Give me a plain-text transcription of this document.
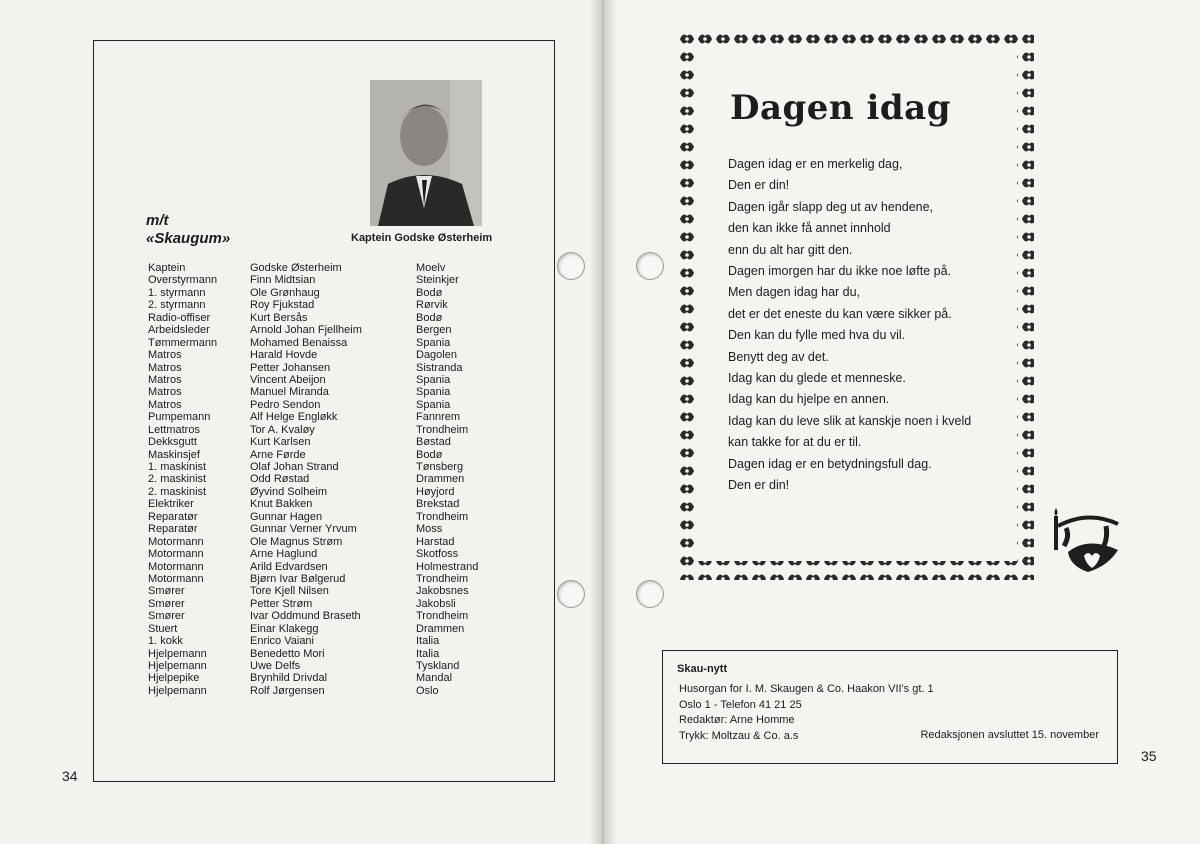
Kaptein Godske Østerheim
m/t
«Skaugum»
Kaptein	Godske Østerheim	Moelv
Overstyrmann	Finn Midtsian	Steinkjer
1. styrmann	Ole Grønhaug	Bodø
2. styrmann	Roy Fjukstad	Rørvik
Radio-offiser	Kurt Bersås	Bodø
Arbeidsleder	Arnold Johan Fjellheim	Bergen
Tømmermann	Mohamed Benaissa	Spania
Matros	Harald Hovde	Dagolen
Matros	Petter Johansen	Sistranda
Matros	Vincent Abeijon	Spania
Matros	Manuel Miranda	Spania
Matros	Pedro Sendon	Spania
Pumpemann	Alf Helge Engløkk	Fannrem
Lettmatros	Tor A. Kvaløy	Trondheim
Dekksgutt	Kurt Karlsen	Bøstad
Maskinsjef	Arne Førde	Bodø
1. maskinist	Olaf Johan Strand	Tønsberg
2. maskinist	Odd Røstad	Drammen
2. maskinist	Øyvind Solheim	Høyjord
Elektriker	Knut Bakken	Brekstad
Reparatør	Gunnar Hagen	Trondheim
Reparatør	Gunnar Verner Yrvum	Moss
Motormann	Ole Magnus Strøm	Harstad
Motormann	Arne Haglund	Skotfoss
Motormann	Arild Edvardsen	Holmestrand
Motormann	Bjørn Ivar Bølgerud	Trondheim
Smører	Tore Kjell Nilsen	Jakobsnes
Smører	Petter Strøm	Jakobsli
Smører	Ivar Oddmund Braseth	Trondheim
Stuert	Einar Klakegg	Drammen
1. kokk	Enrico Vaiani	Italia
Hjelpemann	Benedetto Mori	Italia
Hjelpemann	Uwe Delfs	Tyskland
Hjelpepike	Brynhild Drivdal	Mandal
Hjelpemann	Rolf Jørgensen	Oslo
34
Dagen idag
Dagen idag er en merkelig dag,
Den er din!
Dagen igår slapp deg ut av hendene,
den kan ikke få annet innhold
enn du alt har gitt den.
Dagen imorgen har du ikke noe løfte på.
Men dagen idag har du,
det er det eneste du kan være sikker på.
Den kan du fylle med hva du vil.
Benytt deg av det.
Idag kan du glede et menneske.
Idag kan du hjelpe en annen.
Idag kan du leve slik at kanskje noen i kveld
kan takke for at du er til.
Dagen idag er en betydningsfull dag.
Den er din!
Skau-nytt
Husorgan for I. M. Skaugen & Co. Haakon VII's gt. 1
Oslo 1 - Telefon 41 21 25
Redaktør: Arne Homme
Trykk: Moltzau & Co. a.s	Redaksjonen avsluttet 15. november
35
